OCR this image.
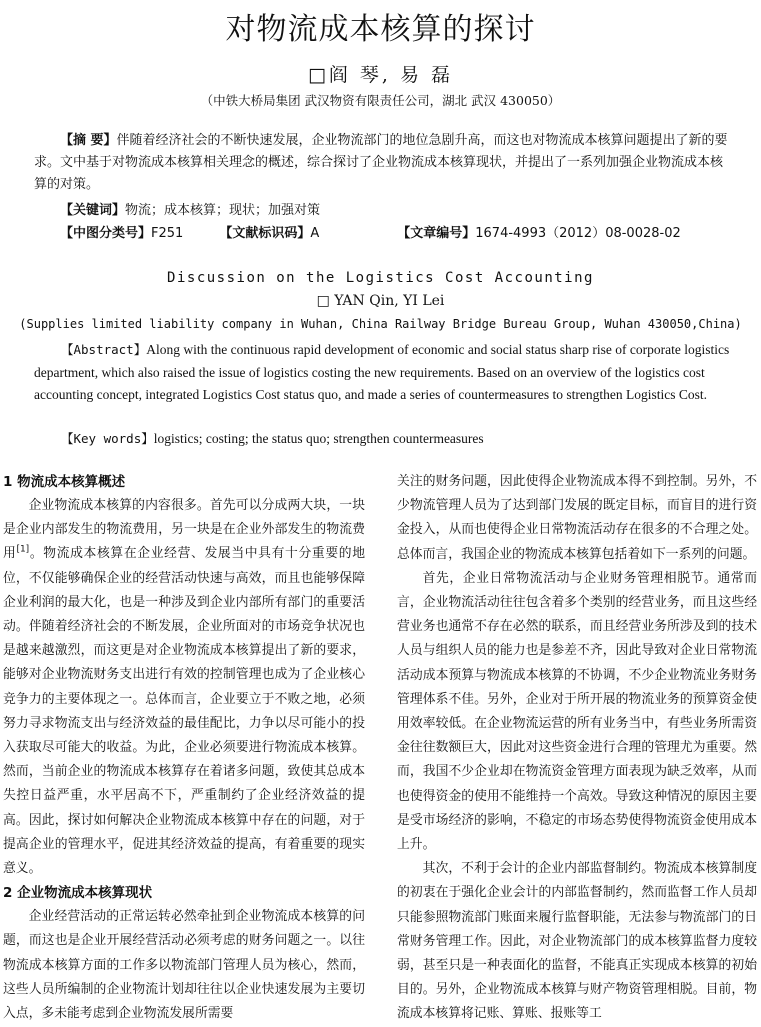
对物流成本核算的探讨
□阎 琴, 易 磊
（中铁大桥局集团 武汉物资有限责任公司，湖北 武汉 430050）
【摘 要】伴随着经济社会的不断快速发展，企业物流部门的地位急剧升高，而这也对物流成本核算问题提出了新的要求。文中基于对物流成本核算相关理念的概述，综合探讨了企业物流成本核算现状，并提出了一系列加强企业物流成本核算的对策。
【关键词】物流；成本核算；现状；加强对策
【中图分类号】F251	【文献标识码】A	【文章编号】1674-4993（2012）08-0028-02
Discussion on the Logistics Cost Accounting
□ YAN Qin, YI Lei
(Supplies limited liability company in Wuhan, China Railway Bridge Bureau Group, Wuhan 430050,China)
【Abstract】Along with the continuous rapid development of economic and social status sharp rise of corporate logistics department, which also raised the issue of logistics costing the new requirements. Based on an overview of the logistics cost accounting concept, integrated Logistics Cost status quo, and made a series of countermeasures to strengthen Logistics Cost.
【Key words】logistics; costing; the status quo; strengthen countermeasures
1 物流成本核算概述

企业物流成本核算的内容很多。首先可以分成两大块，一块是企业内部发生的物流费用，另一块是在企业外部发生的物流费用[1]。物流成本核算在企业经营、发展当中具有十分重要的地位，不仅能够确保企业的经营活动快速与高效，而且也能够保障企业利润的最大化，也是一种涉及到企业内部所有部门的重要活动。伴随着经济社会的不断发展，企业所面对的市场竞争状况也是越来越激烈，而这更是对企业物流成本核算提出了新的要求，能够对企业物流财务支出进行有效的控制管理也成为了企业核心竞争力的主要体现之一。总体而言，企业要立于不败之地，必须努力寻求物流支出与经济效益的最佳配比，力争以尽可能小的投入获取尽可能大的收益。为此，企业必须要进行物流成本核算。然而，当前企业的物流成本核算存在着诸多问题，致使其总成本失控日益严重，水平居高不下，严重制约了企业经济效益的提高。因此，探讨如何解决企业物流成本核算中存在的问题，对于提高企业的管理水平，促进其经济效益的提高，有着重要的现实意义。

2 企业物流成本核算现状

企业经营活动的正常运转必然牵扯到企业物流成本核算的问题，而这也是企业开展经营活动必须考虑的财务问题之一。以往物流成本核算方面的工作多以物流部门管理人员为核心，然而，这些人员所编制的企业物流计划却往往以企业快速发展为主要切入点，多未能考虑到企业物流发展所需要

关注的财务问题，因此使得企业物流成本得不到控制。另外，不少物流管理人员为了达到部门发展的既定目标，而盲目的进行资金投入，从而也使得企业日常物流活动存在很多的不合理之处。总体而言，我国企业的物流成本核算包括着如下一系列的问题。

首先，企业日常物流活动与企业财务管理相脱节。通常而言，企业物流活动往往包含着多个类别的经营业务，而且这些经营业务也通常不存在必然的联系，而且经营业务所涉及到的技术人员与组织人员的能力也是参差不齐，因此导致对企业日常物流活动成本预算与物流成本核算的不协调，不少企业物流业务财务管理体系不佳。另外，企业对于所开展的物流业务的预算资金使用效率较低。在企业物流运营的所有业务当中，有些业务所需资金往往数额巨大，因此对这些资金进行合理的管理尤为重要。然而，我国不少企业却在物流资金管理方面表现为缺乏效率，从而也使得资金的使用不能维持一个高效。导致这种情况的原因主要是受市场经济的影响，不稳定的市场态势使得物流资金使用成本上升。

其次，不利于会计的企业内部监督制约。物流成本核算制度的初衷在于强化企业会计的内部监督制约，然而监督工作人员却只能参照物流部门账面来履行监督职能，无法参与物流部门的日常财务管理工作。因此，对企业物流部门的成本核算监督力度较弱，甚至只是一种表面化的监督，不能真正实现成本核算的初始目的。另外，企业物流成本核算与财产物资管理相脱。目前，物流成本核算将记账、算账、报账等工
